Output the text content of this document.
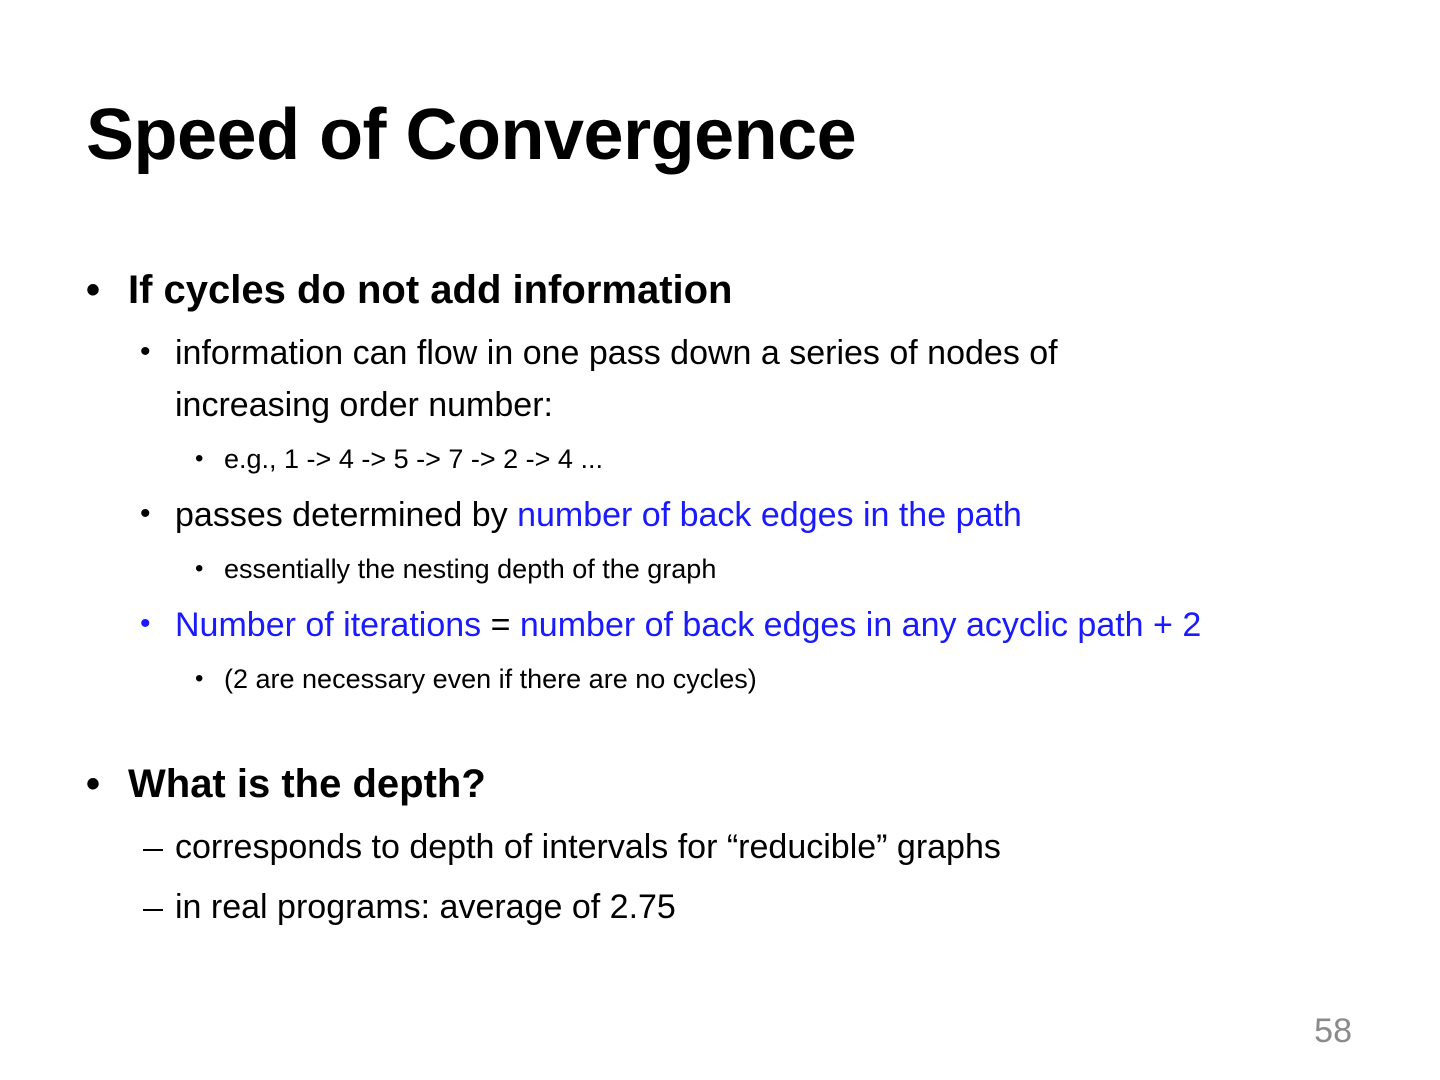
Speed of Convergence
• If cycles do not add information
• information can flow in one pass down a series of nodes of
increasing order number:
• e.g., 1 -> 4 -> 5 -> 7 -> 2 -> 4 ...
• passes determined by number of back edges in the path
• essentially the nesting depth of the graph
• Number of iterations = number of back edges in any acyclic path + 2
• (2 are necessary even if there are no cycles)
• What is the depth?
corresponds to depth of intervals for “reducible” graphs
in real programs: average of 2.75
58
